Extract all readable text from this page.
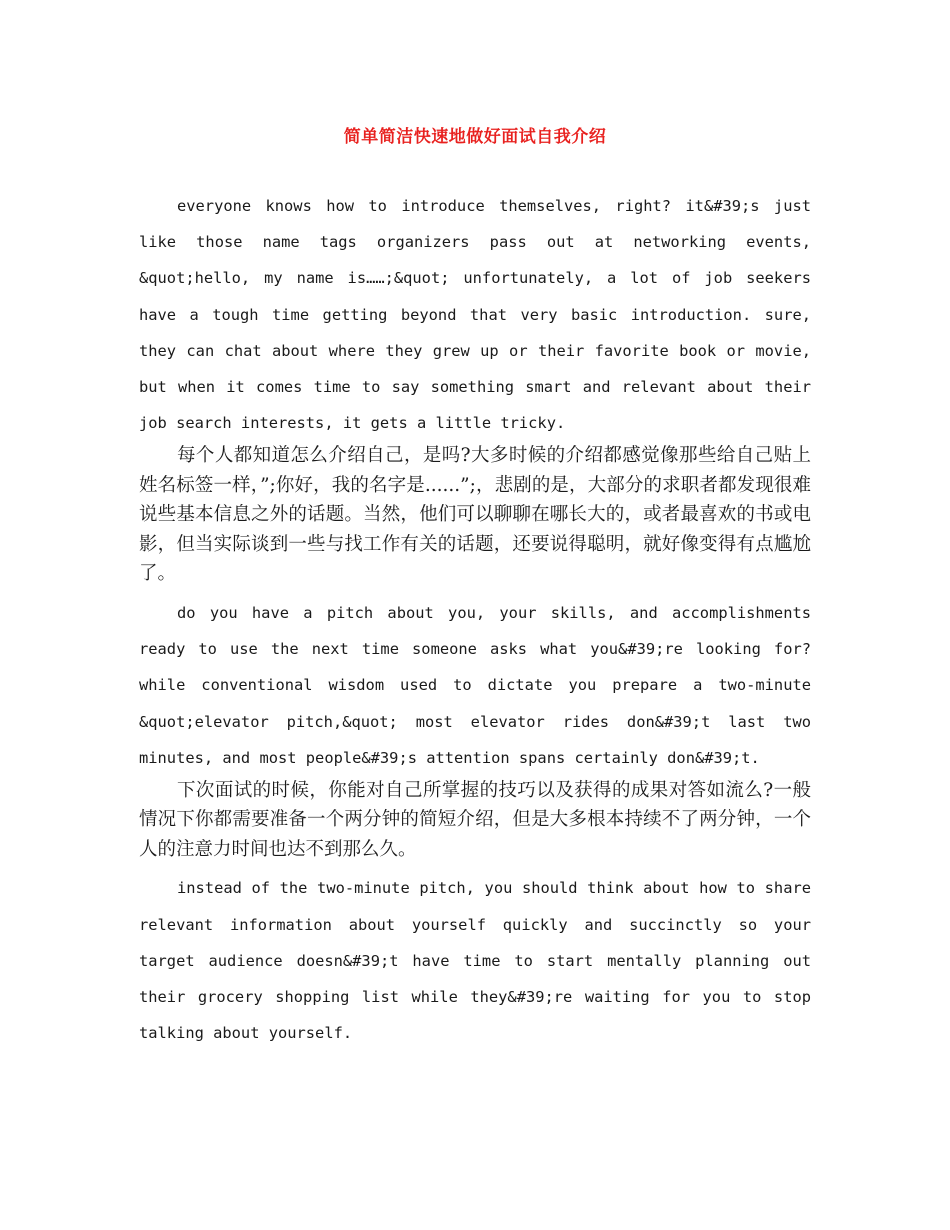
简单简洁快速地做好面试自我介绍

everyone knows how to introduce themselves, right? it&#39;s just like those name tags organizers pass out at networking events, &quot;hello, my name is……;&quot; unfortunately, a lot of job seekers have a tough time getting beyond that very basic introduction. sure, they can chat about where they grew up or their favorite book or movie, but when it comes time to say something smart and relevant about their job search interests, it gets a little tricky.

每个人都知道怎么介绍自己，是吗?大多时候的介绍都感觉像那些给自己贴上姓名标签一样，”;你好，我的名字是......”;，悲剧的是，大部分的求职者都发现很难说些基本信息之外的话题。当然，他们可以聊聊在哪长大的，或者最喜欢的书或电影，但当实际谈到一些与找工作有关的话题，还要说得聪明，就好像变得有点尴尬了。

do you have a pitch about you, your skills, and accomplishments ready to use the next time someone asks what you&#39;re looking for? while conventional wisdom used to dictate you prepare a two-minute &quot;elevator pitch,&quot; most elevator rides don&#39;t last two minutes, and most people&#39;s attention spans certainly don&#39;t.

下次面试的时候，你能对自己所掌握的技巧以及获得的成果对答如流么?一般情况下你都需要准备一个两分钟的简短介绍，但是大多根本持续不了两分钟，一个人的注意力时间也达不到那么久。

instead of the two-minute pitch, you should think about how to share relevant information about yourself quickly and succinctly so your target audience doesn&#39;t have time to start mentally planning out their grocery shopping list while they&#39;re waiting for you to stop talking about yourself.
